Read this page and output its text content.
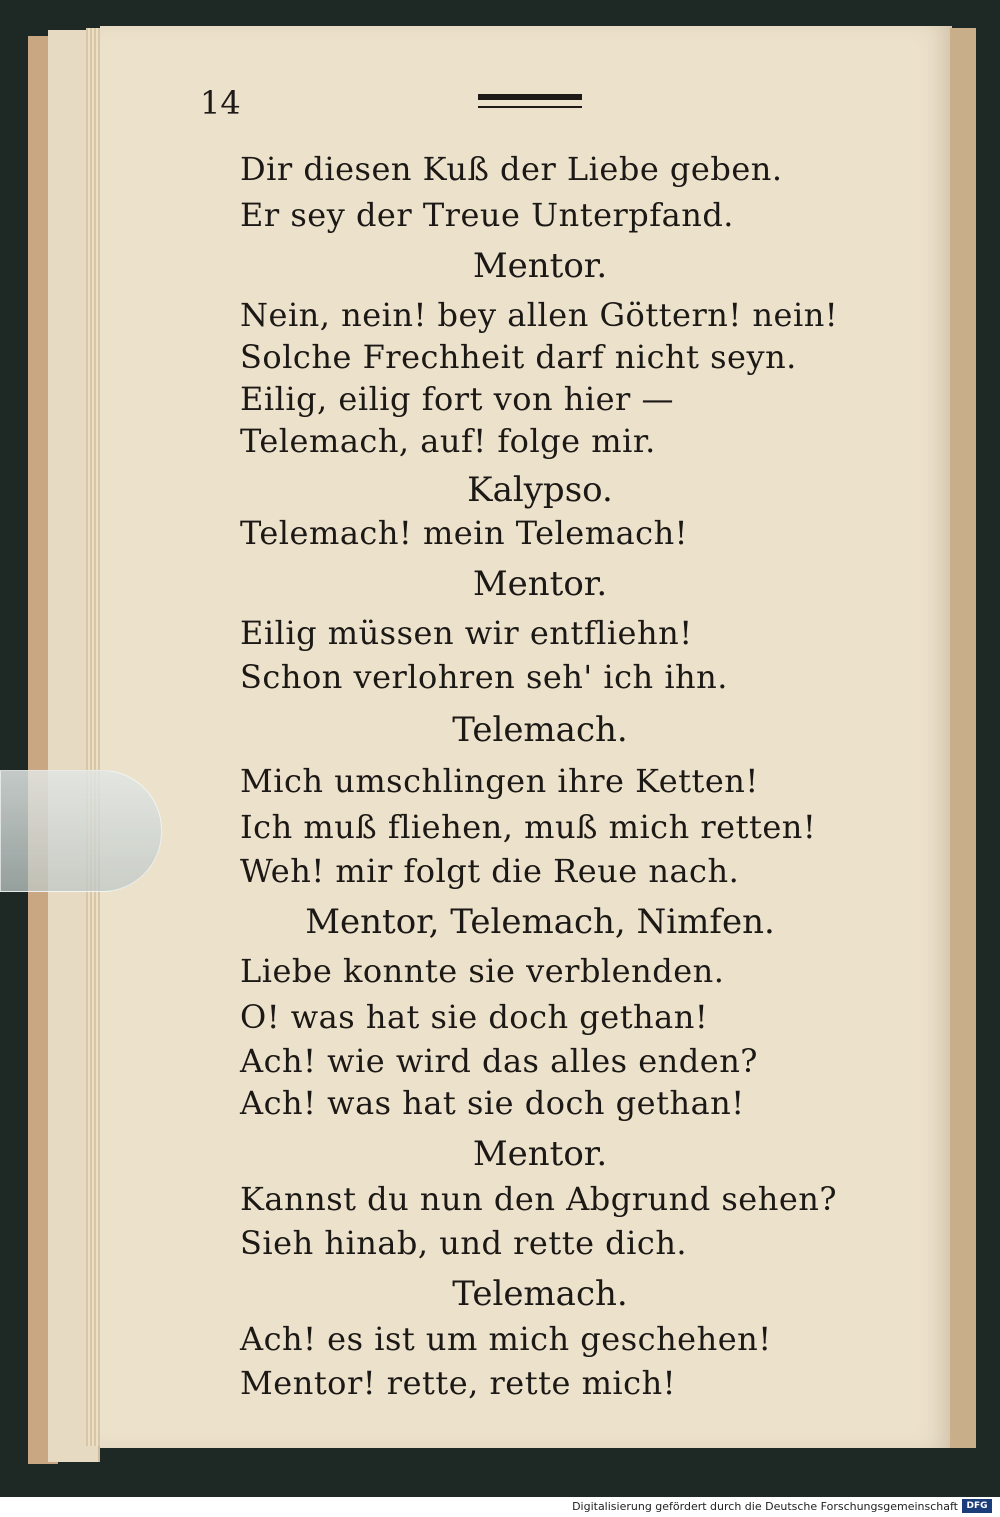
14
Dir diesen Kuß der Liebe geben.
Er sey der Treue Unterpfand.
Mentor.
Nein, nein! bey allen Göttern! nein!
Solche Frechheit darf nicht seyn.
Eilig, eilig fort von hier —
Telemach, auf! folge mir.
Kalypso.
Telemach! mein Telemach!
Mentor.
Eilig müssen wir entfliehn!
Schon verlohren seh' ich ihn.
Telemach.
Mich umschlingen ihre Ketten!
Ich muß fliehen, muß mich retten!
Weh! mir folgt die Reue nach.
Mentor, Telemach, Nimfen.
Liebe konnte sie verblenden.
O! was hat sie doch gethan!
Ach! wie wird das alles enden?
Ach! was hat sie doch gethan!
Mentor.
Kannst du nun den Abgrund sehen?
Sieh hinab, und rette dich.
Telemach.
Ach! es ist um mich geschehen!
Mentor! rette, rette mich!
Digitalisierung gefördert durch die Deutsche Forschungsgemeinschaft DFG
